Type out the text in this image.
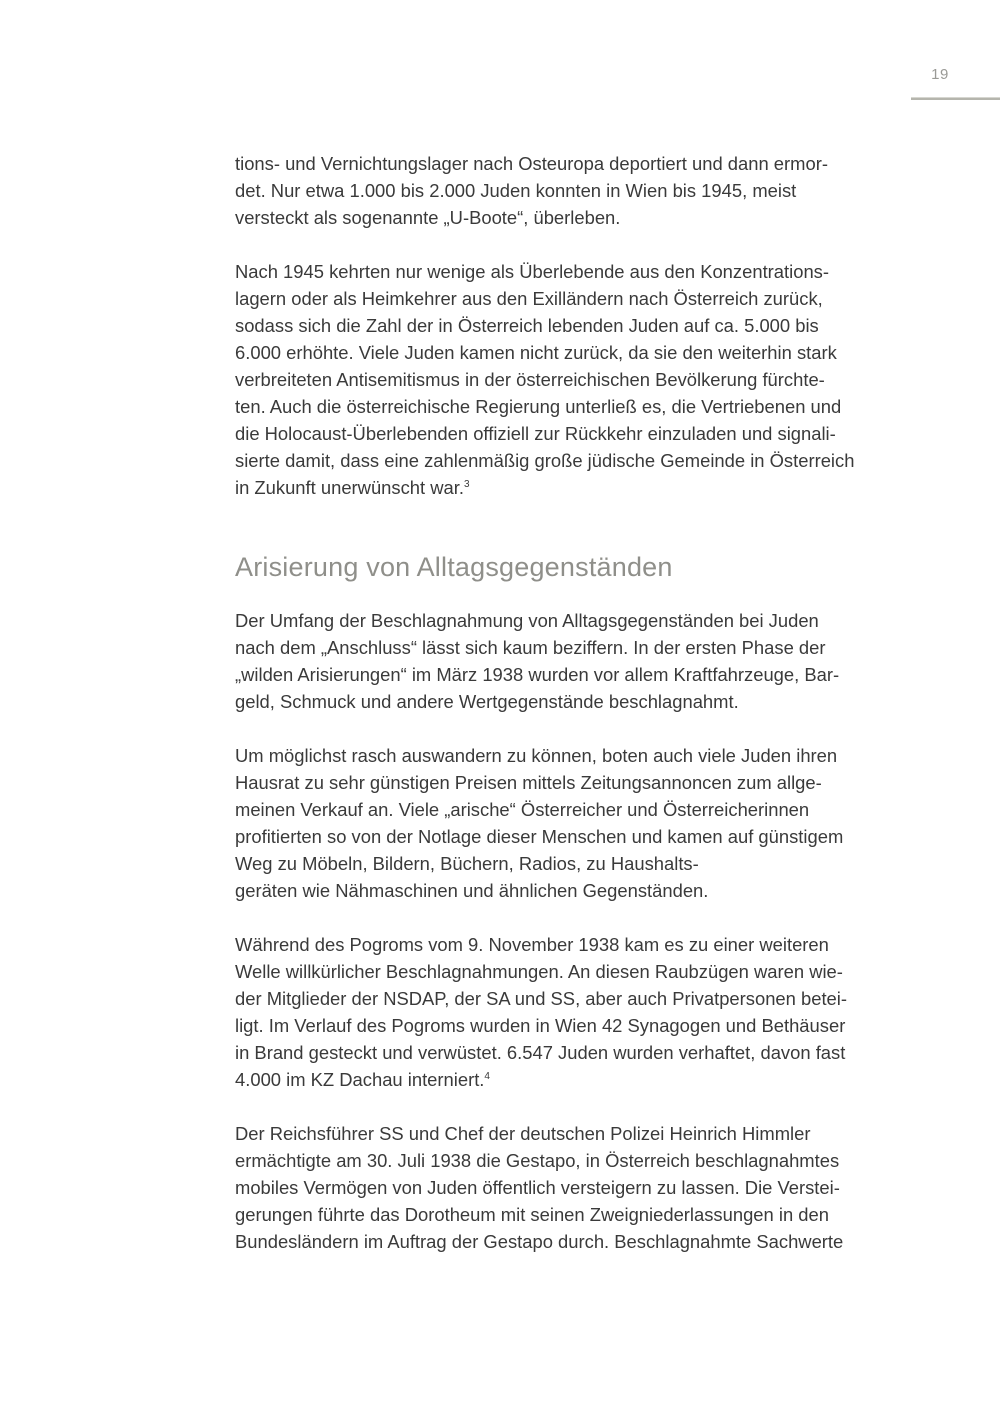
19

tions- und Vernichtungslager nach Osteuropa deportiert und dann ermor-
det. Nur etwa 1.000 bis 2.000 Juden konnten in Wien bis 1945, meist
versteckt als sogenannte „U-Boote“, überleben.

Nach 1945 kehrten nur wenige als Überlebende aus den Konzentrations-
lagern oder als Heimkehrer aus den Exilländern nach Österreich zurück,
sodass sich die Zahl der in Österreich lebenden Juden auf ca. 5.000 bis
6.000 erhöhte. Viele Juden kamen nicht zurück, da sie den weiterhin stark
verbreiteten Antisemitismus in der österreichischen Bevölkerung fürchte-
ten. Auch die österreichische Regierung unterließ es, die Vertriebenen und
die Holocaust-Überlebenden offiziell zur Rückkehr einzuladen und signali-
sierte damit, dass eine zahlenmäßig große jüdische Gemeinde in Österreich
in Zukunft unerwünscht war.$^3$

Arisierung von Alltagsgegenständen

Der Umfang der Beschlagnahmung von Alltagsgegenständen bei Juden
nach dem „Anschluss“ lässt sich kaum beziffern. In der ersten Phase der
„wilden Arisierungen“ im März 1938 wurden vor allem Kraftfahrzeuge, Bar-
geld, Schmuck und andere Wertgegenstände beschlagnahmt.

Um möglichst rasch auswandern zu können, boten auch viele Juden ihren
Hausrat zu sehr günstigen Preisen mittels Zeitungsannoncen zum allge-
meinen Verkauf an. Viele „arische“ Österreicher und Österreicherinnen
profitierten so von der Notlage dieser Menschen und kamen auf günstigem
Weg zu Möbeln, Bildern, Büchern, Radios, zu Haushalts-
geräten wie Nähmaschinen und ähnlichen Gegenständen.

Während des Pogroms vom 9. November 1938 kam es zu einer weiteren
Welle willkürlicher Beschlagnahmungen. An diesen Raubzügen waren wie-
der Mitglieder der NSDAP, der SA und SS, aber auch Privatpersonen betei-
ligt. Im Verlauf des Pogroms wurden in Wien 42 Synagogen und Bethäuser
in Brand gesteckt und verwüstet. 6.547 Juden wurden verhaftet, davon fast
4.000 im KZ Dachau interniert.$^4$

Der Reichsführer SS und Chef der deutschen Polizei Heinrich Himmler
ermächtigte am 30. Juli 1938 die Gestapo, in Österreich beschlagnahmtes
mobiles Vermögen von Juden öffentlich versteigern zu lassen. Die Verstei-
gerungen führte das Dorotheum mit seinen Zweigniederlassungen in den
Bundesländern im Auftrag der Gestapo durch. Beschlagnahmte Sachwerte
